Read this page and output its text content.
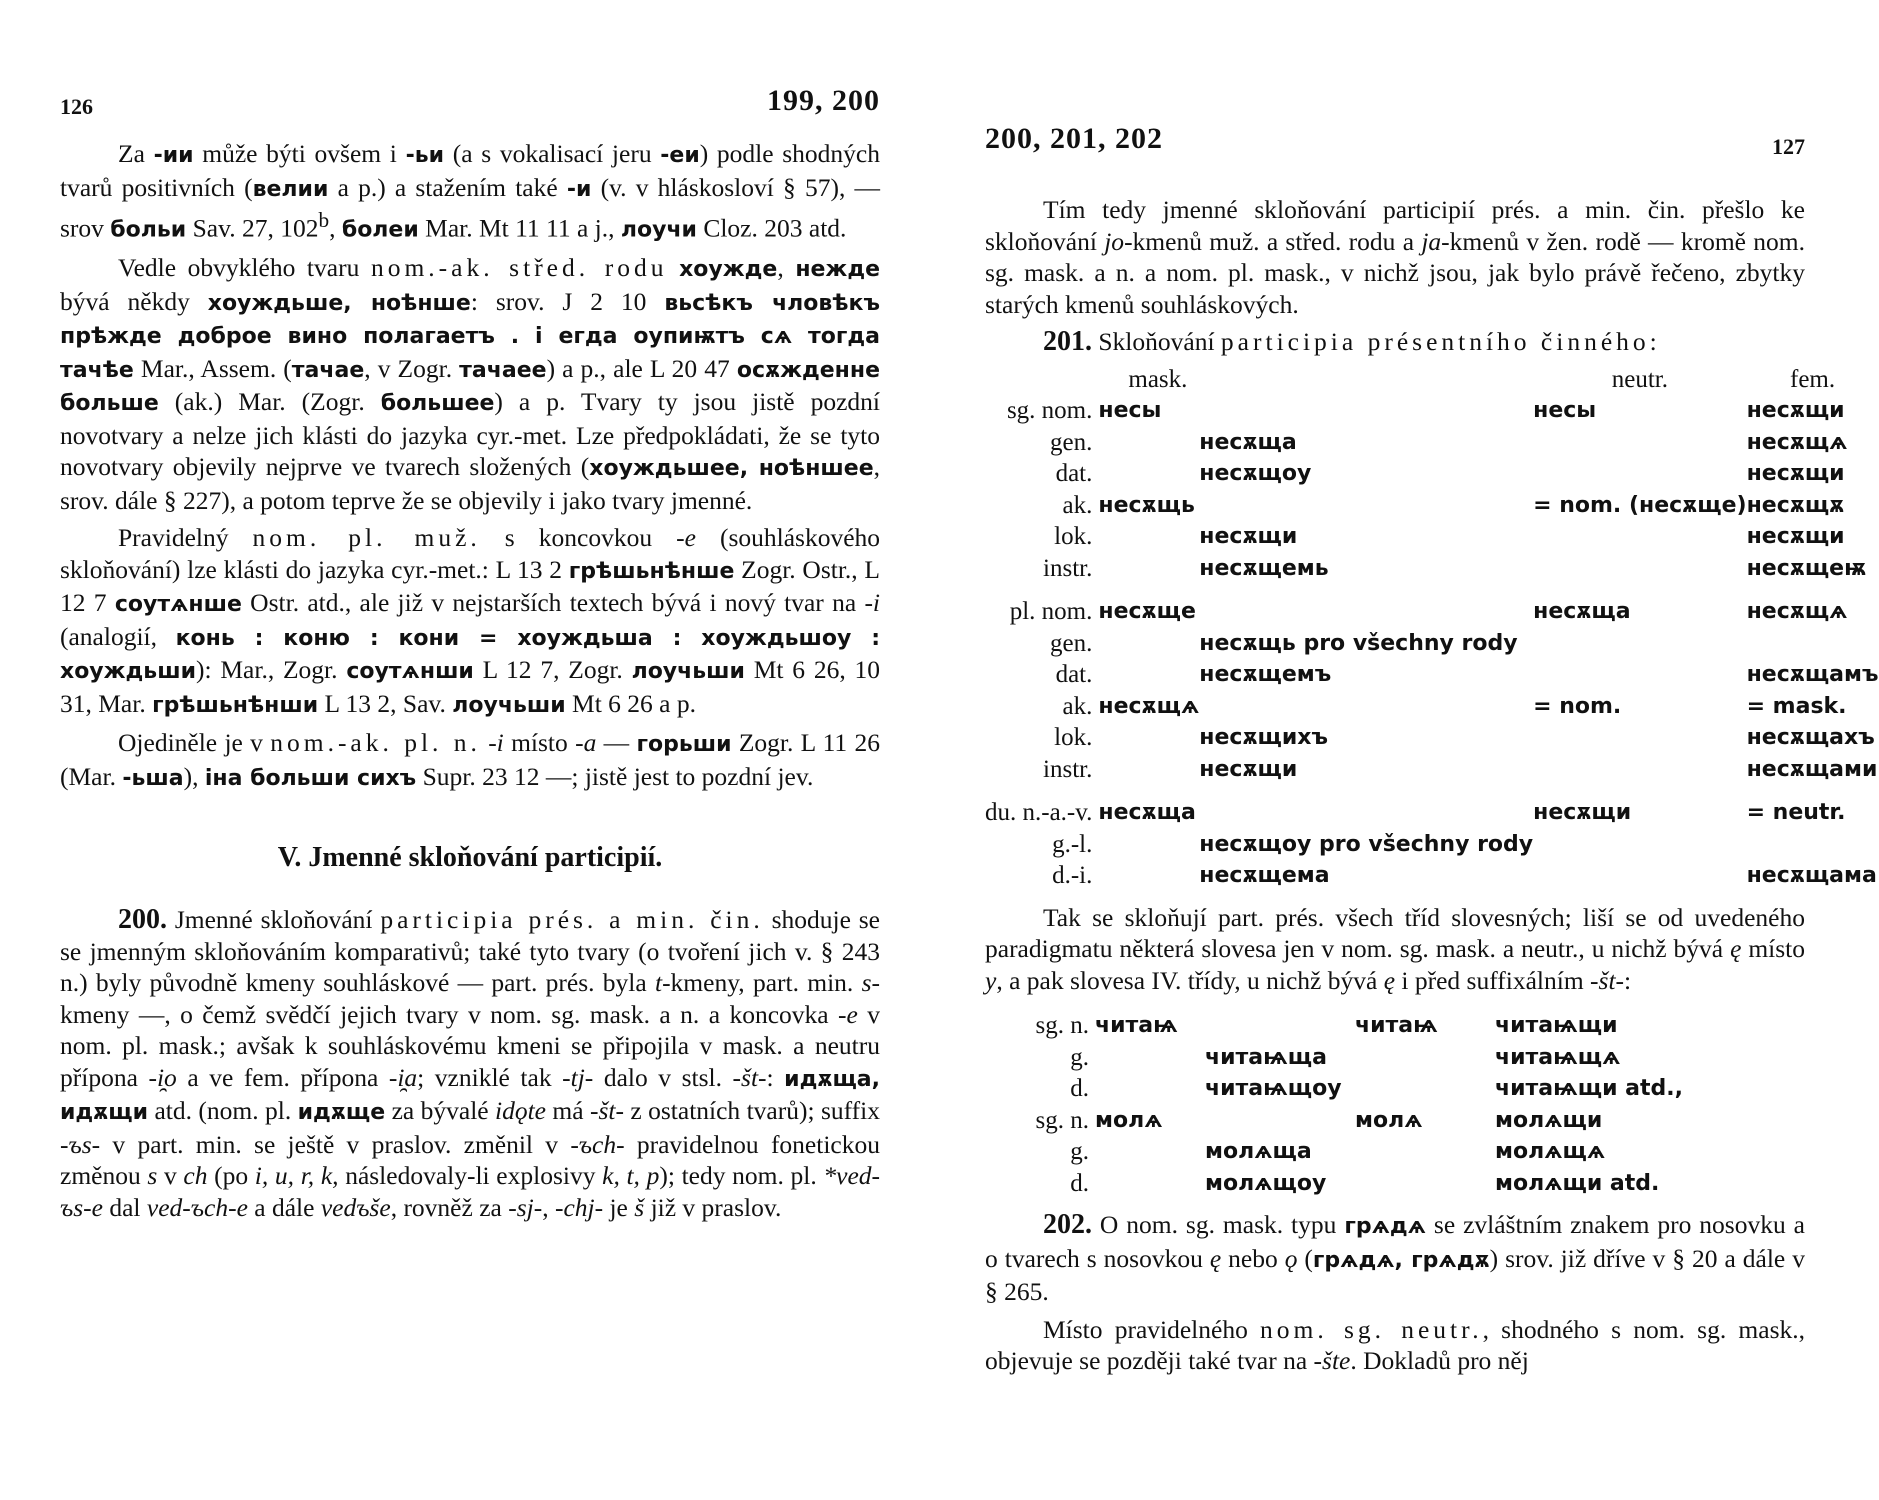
126	199, 200

Za -ии může býti ovšem i -ьи (a s vokalisací jeru -еи) podle shodných tvarů positivních (велии a p.) a stažením také -и (v. v hláskosloví § 57), — srov больи Sav. 27, 102$^b$, болеи Mar. Mt 11 11 a j., лоучи Cloz. 203 atd.

Vedle obvyklého tvaru nom.-ak. střed. rodu хоужде, нежде bývá někdy хоуждьше, ноѣнше: srov. J 2 10 вьсѣкъ чловѣкъ прѣжде доброе вино полагаетъ . і егда оупиѭтъ сѧ тогда тачѣе Mar., Assem. (тачае, v Zogr. тачаее) a p., ale L 20 47 осѫжденне больше (ak.) Mar. (Zogr. большее) a p. Tvary ty jsou jistě pozdní novotvary a nelze jich klásti do jazyka cyr.-met. Lze předpokládati, že se tyto novotvary objevily nejprve ve tvarech složených (хоуждьшее, ноѣншее, srov. dále § 227), a potom teprve že se objevily i jako tvary jmenné.

Pravidelný nom. pl. muž. s koncovkou -e (souhláskového skloňování) lze klásti do jazyka cyr.-met.: L 13 2 грѣшьнѣнше Zogr. Ostr., L 12 7 соутѧнше Ostr. atd., ale již v nejstarších textech bývá i nový tvar na -i (analogií, конь : коню : кони = хоуждьша : хоуждьшоу : хоуждьши): Mar., Zogr. соутѧнши L 12 7, Zogr. лоучьши Mt 6 26, 10 31, Mar. грѣшьнѣнши L 13 2, Sav. лоучьши Mt 6 26 a p.

Ojediněle je v nom.-ak. pl. n. -i místo -a — горьши Zogr. L 11 26 (Mar. -ьша), іна больши сихъ Supr. 23 12 —; jistě jest to pozdní jev.

V. Jmenné skloňování participií.

200. Jmenné skloňování participia prés. a min. čin. shoduje se se jmenným skloňováním komparativů; také tyto tvary (o tvoření jich v. § 243 n.) byly původně kmeny souhláskové — part. prés. byla t-kmeny, part. min. s-kmeny —, o čemž svědčí jejich tvary v nom. sg. mask. a n. a koncovka -e v nom. pl. mask.; avšak k souhláskovému kmeni se připojila v mask. a neutru přípona -i̯o a ve fem. přípona -i̯a; vzniklé tak -tj- dalo v stsl. -št-: идѫща, идѫщи atd. (nom. pl. идѫще za bývalé idǫte má -št- z ostatních tvarů); suffix -ъs- v part. min. se ještě v praslov. změnil v -ъch- pravidelnou fonetickou změnou s v ch (po i, u, r, k, následovaly-li explosivy k, t, p); tedy nom. pl. *ved-ъs-e dal ved-ъch-e a dále vedъše, rovněž za -sj-, -chj- je š již v praslov.

200, 201, 202	127

Tím tedy jmenné skloňování participií prés. a min. čin. přešlo ke skloňování jo-kmenů muž. a střed. rodu a ja-kmenů v žen. rodě — kromě nom. sg. mask. a n. a nom. pl. mask., v nichž jsou, jak bylo právě řečeno, zbytky starých kmenů souhláskových.

201. Skloňování participia présentního činného:

	mask.		neutr.	fem.
sg. nom.	несы		несы	несѫщи
gen.		несѫща		несѫщѧ
dat.		несѫщоу		несѫщи
ak.	несѫщь		= nom. (несѫще)	несѫщѫ
lok.		несѫщи		несѫщи
instr.		несѫщемь		несѫщеѭ

pl. nom.	несѫще		несѫща	несѫщѧ
gen.		несѫщь pro všechny rody		
dat.		несѫщемъ		несѫщамъ
ak.	несѫщѧ		= nom.	= mask.
lok.		несѫщихъ		несѫщахъ
instr.		несѫщи		несѫщами

du. n.-a.-v.	несѫща		несѫщи	= neutr.
g.-l.		несѫщоу pro všechny rody		
d.-i.		несѫщема		несѫщама

Tak se skloňují part. prés. všech tříd slovesných; liší se od uvedeného paradigmatu některá slovesa jen v nom. sg. mask. a neutr., u nichž bývá ę místo y, a pak slovesa IV. třídy, u nichž bývá ę i před suffixálním -št-:

sg. n.	читаѩ		читаѩ	читаѩщи
g.		читаѩща		читаѩщѧ
d.		читаѩщоу		читаѩщи atd.,
sg. n.	молѧ		молѧ	молѧщи
g.		молѧща		молѧщѧ
d.		молѧщоу		молѧщи atd.

202. O nom. sg. mask. typu грѧдѧ se zvláštním znakem pro nosovku a o tvarech s nosovkou ę nebo ǫ (грѧдѧ, грѧдѫ) srov. již dříve v § 20 a dále v § 265.

Místo pravidelného nom. sg. neutr., shodného s nom. sg. mask., objevuje se později také tvar na -šte. Dokladů pro něj
